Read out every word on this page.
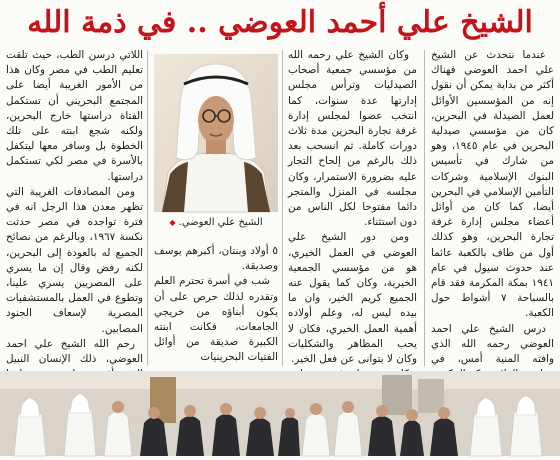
الشيخ علي أحمد العوضي .. في ذمة الله

عندما نتحدث عن الشيخ علي احمد العوضي فهناك أكثر من بداية يمكن أن نقول إنه من المؤسسين الأوائل لعمل الصيدلة في البحرين، كان من مؤسسي صيدلية البحرين في عام ١٩٤٥، وهو من شارك في تأسيس البنوك الإسلامية وشركات التأمين الإسلامي في البحرين أيضا، كما كان من أوائل أعضاء مجلس إدارة غرفة تجارة البحرين، وهو كذلك أول من طاف بالكعبة عائما عند حدوث سيول في عام ١٩٤١ بمكة المكرمة فقد قام بالسباحة ٧ أشواط حول الكعبة.

درس الشيخ علي احمد العوضي رحمه الله الذي وافته المنية أمس، في

وكان الشيخ علي رحمه الله من مؤسسي جمعية أصحاب الصيدليات وترأس مجلس إدارتها عدة سنوات، كما انتخب عضوا لمجلس إدارة غرفة تجارة البحرين مدة ثلاث دورات كاملة. ثم انسحب بعد ذلك بالرغم من إلحاح التجار عليه بضرورة الاستمرار، وكان مجلسه في المنزل والمتجر دائما مفتوحا لكل الناس من دون استثناء.

ومن دور الشيخ علي العوضي في العمل الخيري، هو من مؤسسي الجمعية الخيرية، وكان كما يقول عنه الجميع كريم الخير، وان ما بيده ليس له، وعلم أولاده أهمية العمل الخيري، فكان لا يحب المظاهر والشكليات وكان لا يتوانى عن فعل الخير.

الشيخ علي العوضي. ◆

٥ أولاد وبنتان، أكبرهم يوسف وصديقة.

شب في أسرة تحترم العلم وتقدره لذلك حرص على أن يكون أبناؤه من خريجي الجامعات، فكانت ابنته الكبيرة صديقة من أوائل الفتيات البحرينيات

اللاتي درسن الطب، حيث تلقت تعليم الطب في مصر وكان هذا من الأمور الغريبة أيضا على المجتمع البحريني أن تستكمل الفتاة دراستها خارج البحرين، ولكنه شجع ابنته على تلك الخطوة بل وسافر معها ليتكفل بالأسرة في مصر لكي تستكمل دراستها.

ومن المصادفات الغريبة التي تظهر معدن هذا الرجل انه في فترة تواجده في مصر حدثت نكسة ١٩٦٧، وبالرغم من نصائح الجميع له بالعودة إلى البحرين، لكنه رفض وقال إن ما يسري على المصريين يسري علينا، وتطوع في العمل بالمستشفيات المصرية لإسعاف الجنود المصابين.

رحم الله الشيخ علي احمد العوضي، ذلك الإنسان النبيل
